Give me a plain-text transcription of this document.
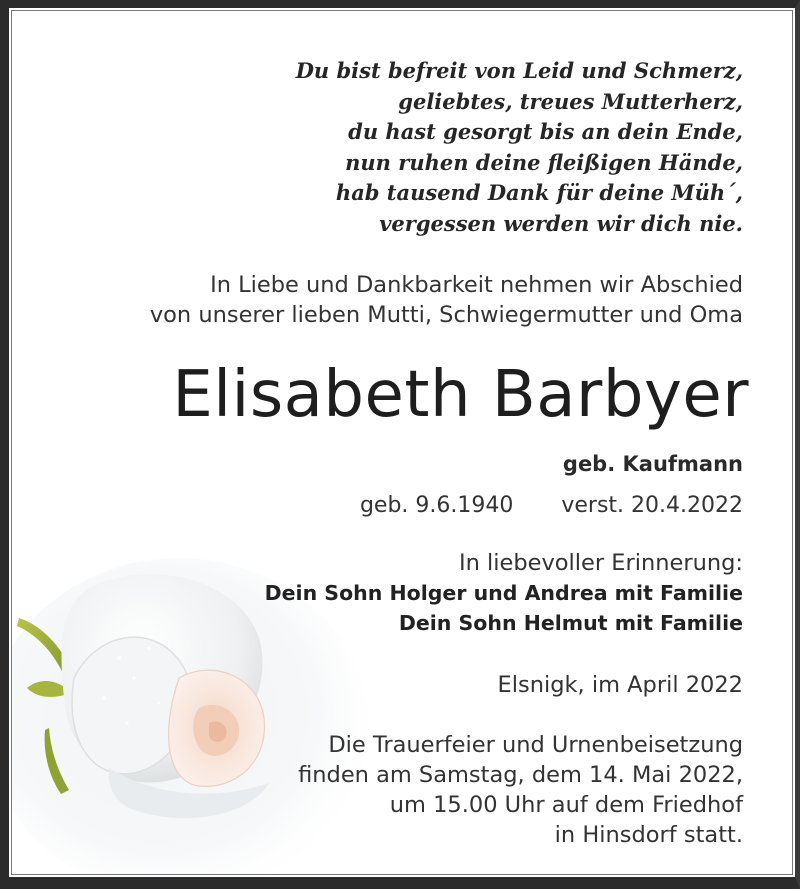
Du bist befreit von Leid und Schmerz,
geliebtes, treues Mutterherz,
du hast gesorgt bis an dein Ende,
nun ruhen deine fleißigen Hände,
hab tausend Dank für deine Müh´,
vergessen werden wir dich nie.
In Liebe und Dankbarkeit nehmen wir Abschied
von unserer lieben Mutti, Schwiegermutter und Oma
Elisabeth Barbyer
geb. Kaufmann
geb. 9.6.1940 verst. 20.4.2022
In liebevoller Erinnerung:
Dein Sohn Holger und Andrea mit Familie
Dein Sohn Helmut mit Familie
Elsnigk, im April 2022
Die Trauerfeier und Urnenbeisetzung
finden am Samstag, dem 14. Mai 2022,
um 15.00 Uhr auf dem Friedhof
in Hinsdorf statt.
